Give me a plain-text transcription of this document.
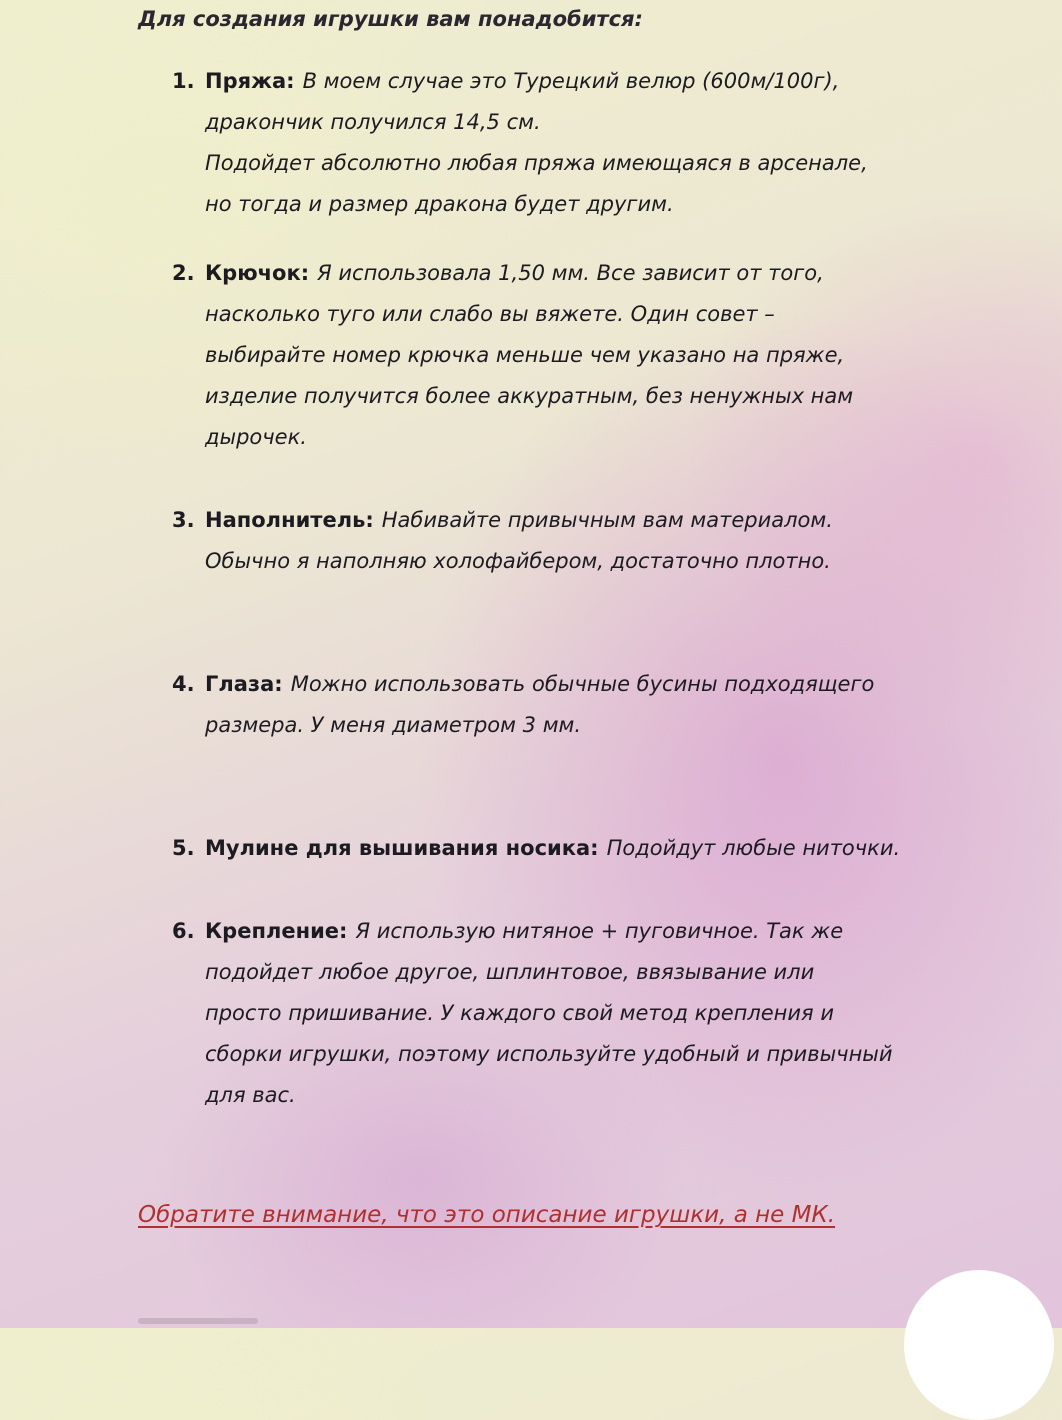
Для создания игрушки вам понадобится:
1. Пряжа: В моем случае это Турецкий велюр (600м/100г),
дракончик получился 14,5 см.
Подойдет абсолютно любая пряжа имеющаяся в арсенале,
но тогда и размер дракона будет другим.
2. Крючок: Я использовала 1,50 мм. Все зависит от того,
насколько туго или слабо вы вяжете. Один совет –
выбирайте номер крючка меньше чем указано на пряже,
изделие получится более аккуратным, без ненужных нам
дырочек.
3. Наполнитель: Набивайте привычным вам материалом.
Обычно я наполняю холофайбером, достаточно плотно.
4. Глаза: Можно использовать обычные бусины подходящего
размера. У меня диаметром 3 мм.
5. Мулине для вышивания носика: Подойдут любые ниточки.
6. Крепление: Я использую нитяное + пуговичное. Так же
подойдет любое другое, шплинтовое, ввязывание или
просто пришивание. У каждого свой метод крепления и
сборки игрушки, поэтому используйте удобный и привычный
для вас.
Обратите внимание, что это описание игрушки, а не МК.
